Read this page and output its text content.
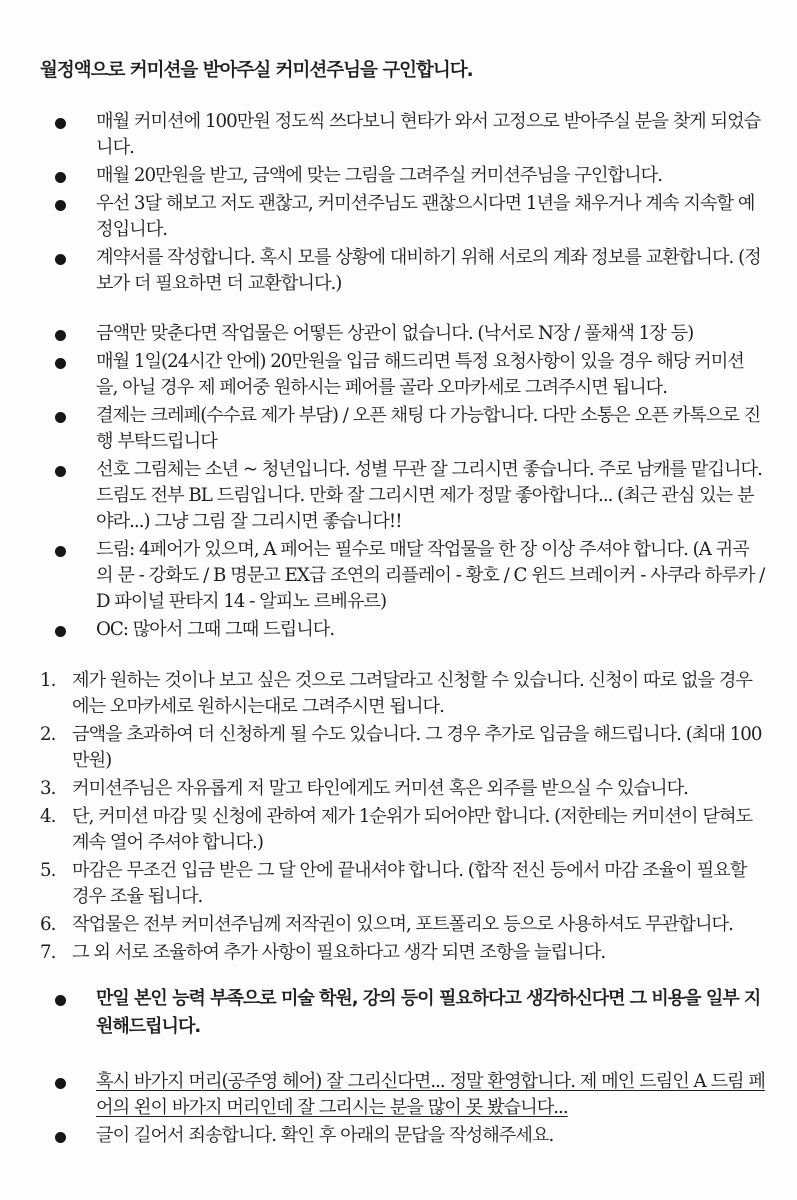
월정액으로 커미션을 받아주실 커미션주님을 구인합니다.
매월 커미션에 100만원 정도씩 쓰다보니 현타가 와서 고정으로 받아주실 분을 찾게 되었습니다.
매월 20만원을 받고, 금액에 맞는 그림을 그려주실 커미션주님을 구인합니다.
우선 3달 해보고 저도 괜찮고, 커미션주님도 괜찮으시다면 1년을 채우거나 계속 지속할 예정입니다.
계약서를 작성합니다. 혹시 모를 상황에 대비하기 위해 서로의 계좌 정보를 교환합니다. (정보가 더 필요하면 더 교환합니다.)
금액만 맞춘다면 작업물은 어떻든 상관이 없습니다. (낙서로 N장 / 풀채색 1장 등)
매월 1일(24시간 안에) 20만원을 입금 해드리면 특정 요청사항이 있을 경우 해당 커미션을, 아닐 경우 제 페어중 원하시는 페어를 골라 오마카세로 그려주시면 됩니다.
결제는 크레페(수수료 제가 부담) / 오픈 채팅 다 가능합니다. 다만 소통은 오픈 카톡으로 진행 부탁드립니다
선호 그림체는 소년 ~ 청년입니다. 성별 무관 잘 그리시면 좋습니다. 주로 남캐를 맡깁니다. 드림도 전부 BL 드림입니다. 만화 잘 그리시면 제가 정말 좋아합니다... (최근 관심 있는 분야라...) 그냥 그림 잘 그리시면 좋습니다!!
드림: 4페어가 있으며, A 페어는 필수로 매달 작업물을 한 장 이상 주셔야 합니다. (A 귀곡의 문 - 강화도 / B 명문고 EX급 조연의 리플레이 - 황호 / C 윈드 브레이커 - 사쿠라 하루카 / D 파이널 판타지 14 - 알피노 르베유르)
OC: 많아서 그때 그때 드립니다.
1. 제가 원하는 것이나 보고 싶은 것으로 그려달라고 신청할 수 있습니다. 신청이 따로 없을 경우에는 오마카세로 원하시는대로 그려주시면 됩니다.
2. 금액을 초과하여 더 신청하게 될 수도 있습니다. 그 경우 추가로 입금을 해드립니다. (최대 100만원)
3. 커미션주님은 자유롭게 저 말고 타인에게도 커미션 혹은 외주를 받으실 수 있습니다.
4. 단, 커미션 마감 및 신청에 관하여 제가 1순위가 되어야만 합니다. (저한테는 커미션이 닫혀도 계속 열어 주셔야 합니다.)
5. 마감은 무조건 입금 받은 그 달 안에 끝내셔야 합니다. (합작 전신 등에서 마감 조율이 필요할 경우 조율 됩니다.
6. 작업물은 전부 커미션주님께 저작권이 있으며, 포트폴리오 등으로 사용하셔도 무관합니다.
7. 그 외 서로 조율하여 추가 사항이 필요하다고 생각 되면 조항을 늘립니다.
만일 본인 능력 부족으로 미술 학원, 강의 등이 필요하다고 생각하신다면 그 비용을 일부 지원해드립니다.
혹시 바가지 머리(공주영 헤어) 잘 그리신다면... 정말 환영합니다. 제 메인 드림인 A 드림 페어의 왼이 바가지 머리인데 잘 그리시는 분을 많이 못 봤습니다...
글이 길어서 죄송합니다. 확인 후 아래의 문답을 작성해주세요.
